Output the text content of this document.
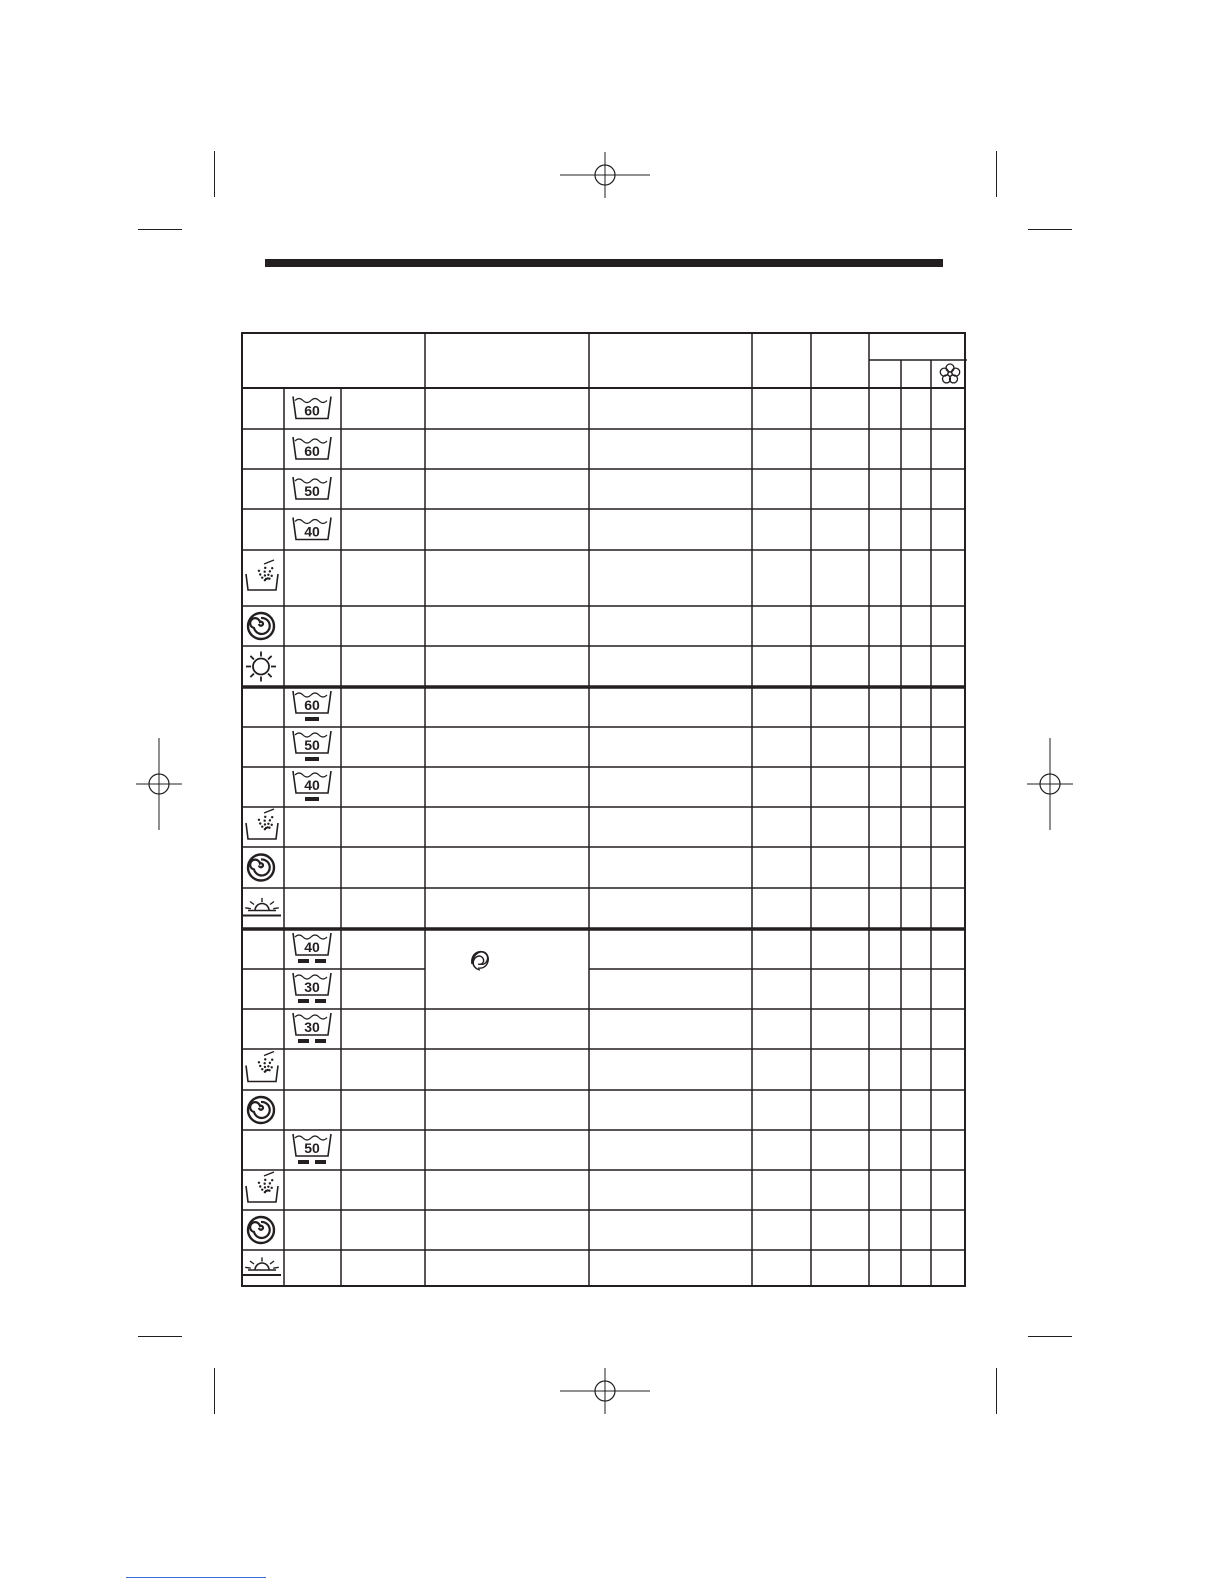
60
60
50
40
60
50
40
40
30
30
50
